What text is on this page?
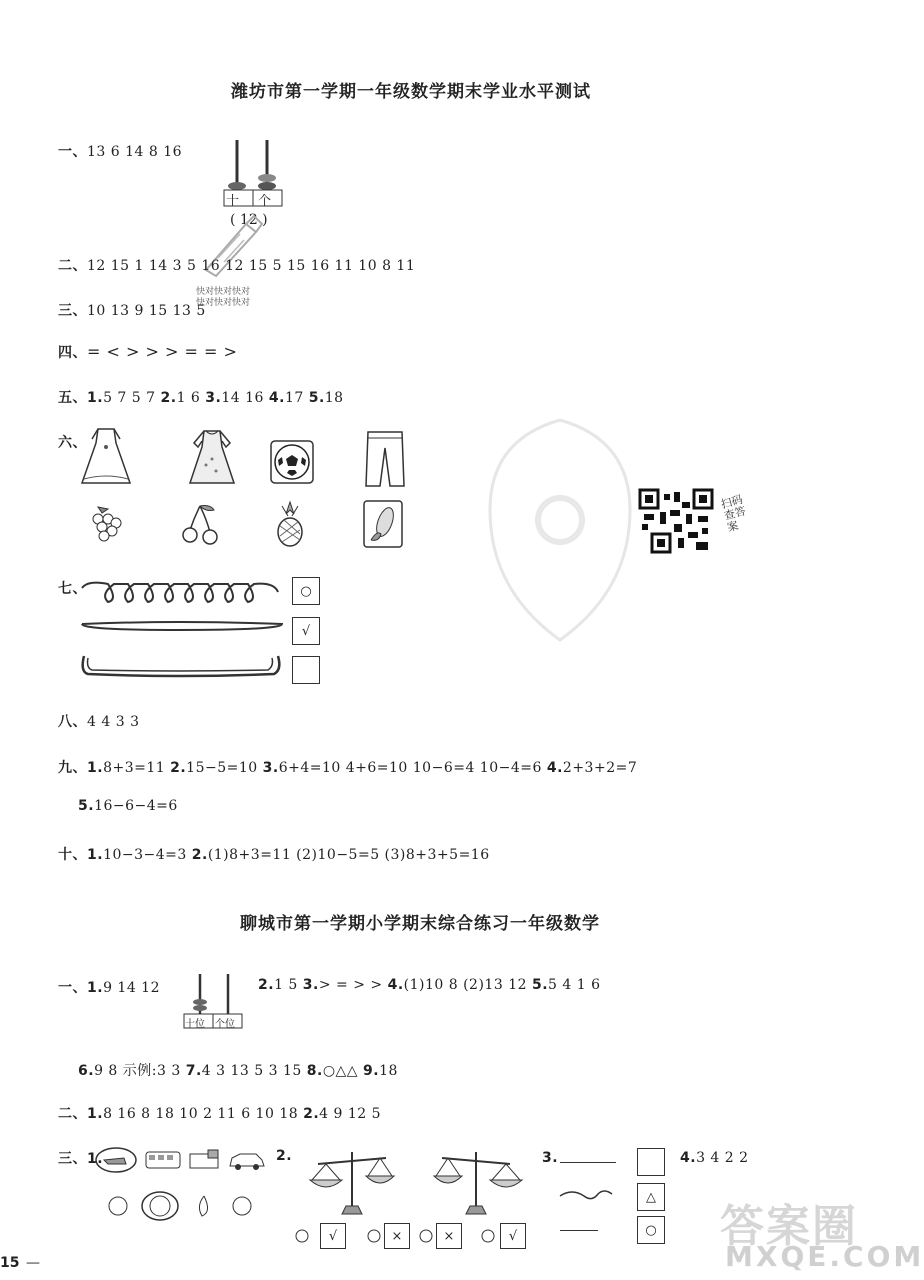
潍坊市第一学期一年级数学期末学业水平测试
一、13 6 14 8 16
十 个
( 12 )
二、12 15 1 14 3 5 16 12 15 5 15 16 11 10 8 11
快对快对快对
快对快对快对
三、10 13 9 15 13 5
四、= < > > > = = >
五、1.5 7 5 7 2.1 6 3.14 16 4.17 5.18
六、
扫码查答案
七、	○
√
八、4 4 3 3
九、1.8+3=11 2.15−5=10 3.6+4=10 4+6=10 10−6=4 10−4=6 4.2+3+2=7
5.16−6−4=6
十、1.10−3−4=3 2.(1)8+3=11 (2)10−5=5 (3)8+3+5=16
聊城市第一学期小学期末综合练习一年级数学
一、1.9 14 12
十位 个位
2.1 5 3.> = > > 4.(1)10 8 (2)13 12 5.5 4 1 6
6.9 8 示例:3 3 7.4 3 13 5 3 15 8.○△△ 9.18
二、1.8 16 8 18 10 2 11 6 10 18 2.4 9 12 5
三、1.	2.
√	×	×	√
3.
△
○
4.3 4 2 2
答案圈
MXQE.COM
15 —
